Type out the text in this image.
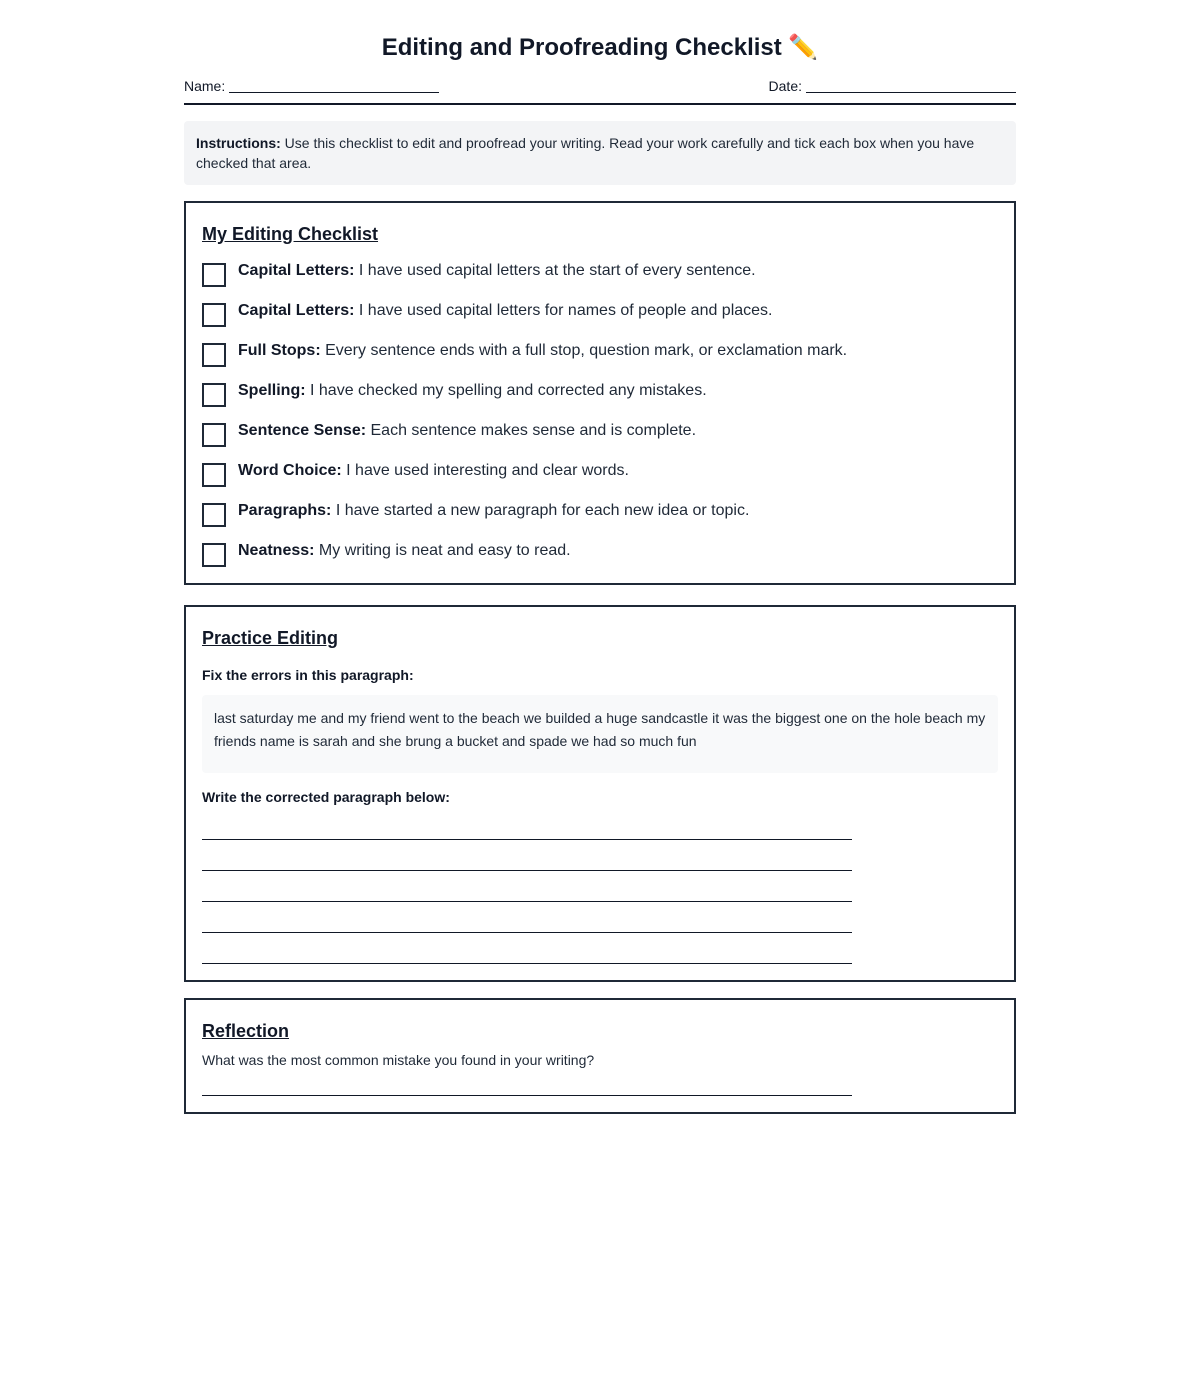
Editing and Proofreading Checklist ✏️
Name:	Date:
Instructions: Use this checklist to edit and proofread your writing. Read your work carefully and tick each box when you have checked that area.
My Editing Checklist
Capital Letters: I have used capital letters at the start of every sentence.
Capital Letters: I have used capital letters for names of people and places.
Full Stops: Every sentence ends with a full stop, question mark, or exclamation mark.
Spelling: I have checked my spelling and corrected any mistakes.
Sentence Sense: Each sentence makes sense and is complete.
Word Choice: I have used interesting and clear words.
Paragraphs: I have started a new paragraph for each new idea or topic.
Neatness: My writing is neat and easy to read.
Practice Editing

Fix the errors in this paragraph:

last saturday me and my friend went to the beach we builded a huge sandcastle it was the biggest one on the hole beach my friends name is sarah and she brung a bucket and spade we had so much fun

Write the corrected paragraph below:

Reflection

What was the most common mistake you found in your writing?
